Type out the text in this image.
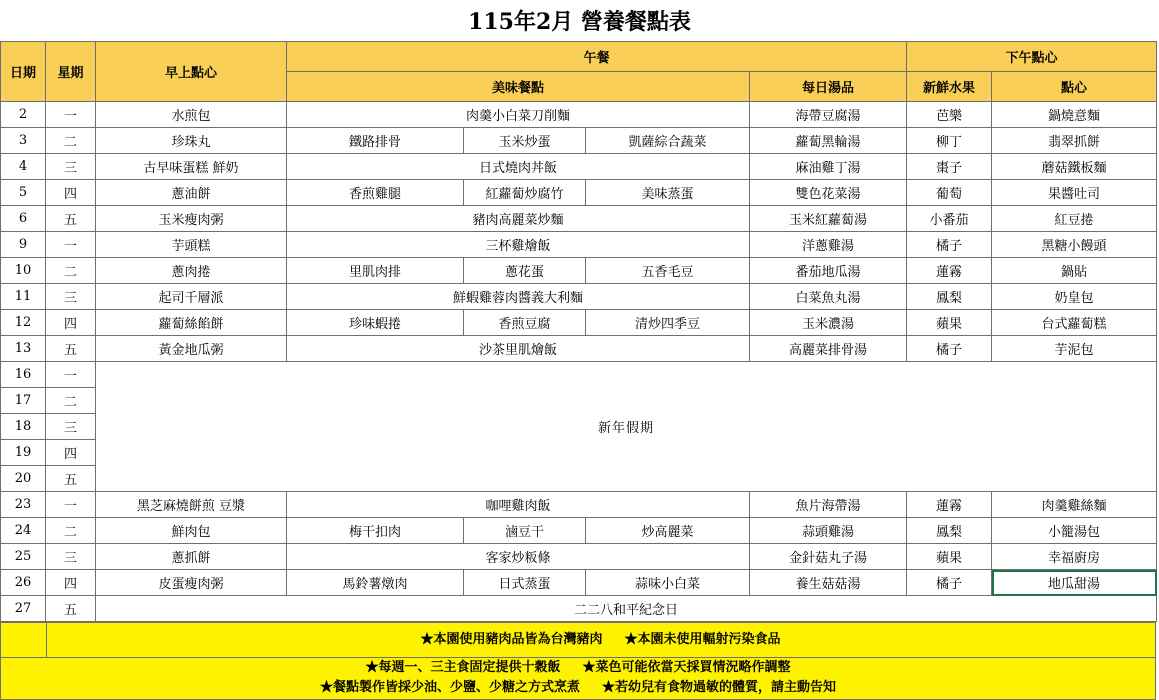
115年2月 營養餐點表
日期	星期	早上點心	午餐				下午點心	
			美味餐點			每日湯品	新鮮水果	點心
2	一	水煎包	肉羹小白菜刀削麵			海帶豆腐湯	芭樂	鍋燒意麵
3	二	珍珠丸	鐵路排骨	玉米炒蛋	凱薩綜合蔬菜	蘿蔔黑輪湯	柳丁	翡翠抓餅
4	三	古早味蛋糕 鮮奶	日式燒肉丼飯			麻油雞丁湯	棗子	蘑菇鐵板麵
5	四	蔥油餅	香煎雞腿	紅蘿蔔炒腐竹	美味蒸蛋	雙色花菜湯	葡萄	果醬吐司
6	五	玉米瘦肉粥	豬肉高麗菜炒麵			玉米紅蘿蔔湯	小番茄	紅豆捲
9	一	芋頭糕	三杯雞燴飯			洋蔥雞湯	橘子	黑糖小饅頭
10	二	蔥肉捲	里肌肉排	蔥花蛋	五香毛豆	番茄地瓜湯	蓮霧	鍋貼
11	三	起司千層派	鮮蝦雞蓉肉醬義大利麵			白菜魚丸湯	鳳梨	奶皇包
12	四	蘿蔔絲餡餅	珍味蝦捲	香煎豆腐	清炒四季豆	玉米濃湯	蘋果	台式蘿蔔糕
13	五	黃金地瓜粥	沙茶里肌燴飯			高麗菜排骨湯	橘子	芋泥包
16	一	新年假期						
17	二							
18	三							
19	四							
20	五							
23	一	黑芝麻燒餅煎 豆漿	咖哩雞肉飯			魚片海帶湯	蓮霧	肉羹雞絲麵
24	二	鮮肉包	梅干扣肉	滷豆干	炒高麗菜	蒜頭雞湯	鳳梨	小籠湯包
25	三	蔥抓餅	客家炒粄條			金針菇丸子湯	蘋果	幸福廚房
26	四	皮蛋瘦肉粥	馬鈴薯燉肉	日式蒸蛋	蒜味小白菜	養生菇菇湯	橘子	地瓜甜湯
27	五	二二八和平紀念日						
★本園使用豬肉品皆為台灣豬肉 ★本園未使用輻射污染食品
★每週一、三主食固定提供十穀飯 ★菜色可能依當天採買情況略作調整
★餐點製作皆採少油、少鹽、少糖之方式烹煮 ★若幼兒有食物過敏的體質，請主動告知
